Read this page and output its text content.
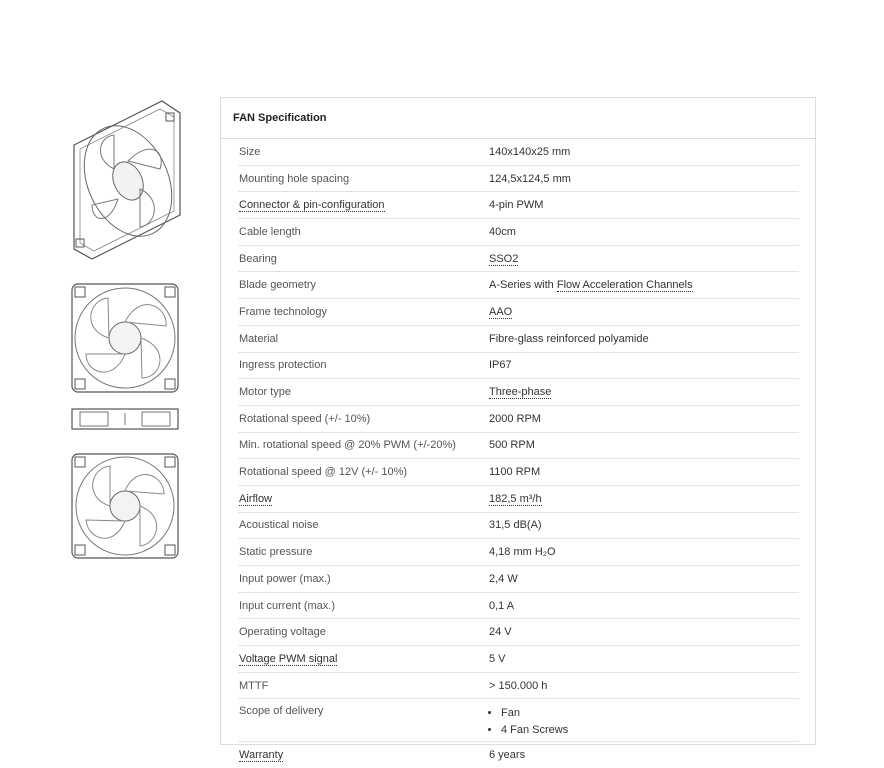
FAN Specification
Size	140x140x25 mm
Mounting hole spacing	124,5x124,5 mm
Connector & pin-configuration	4-pin PWM
Cable length	40cm
Bearing	SSO2
Blade geometry	A-Series with Flow Acceleration Channels
Frame technology	AAO
Material	Fibre-glass reinforced polyamide
Ingress protection	IP67
Motor type	Three-phase
Rotational speed (+/- 10%)	2000 RPM
Min. rotational speed @ 20% PWM (+/-20%)	500 RPM
Rotational speed @ 12V (+/- 10%)	1100 RPM
Airflow	182,5 m³/h
Acoustical noise	31,5 dB(A)
Static pressure	4,18 mm H₂O
Input power (max.)	2,4 W
Input current (max.)	0,1 A
Operating voltage	24 V
Voltage PWM signal	5 V
MTTF	> 150.000 h
Scope of delivery
•	Fan
• 4 Fan Screws
Warranty	6 years
